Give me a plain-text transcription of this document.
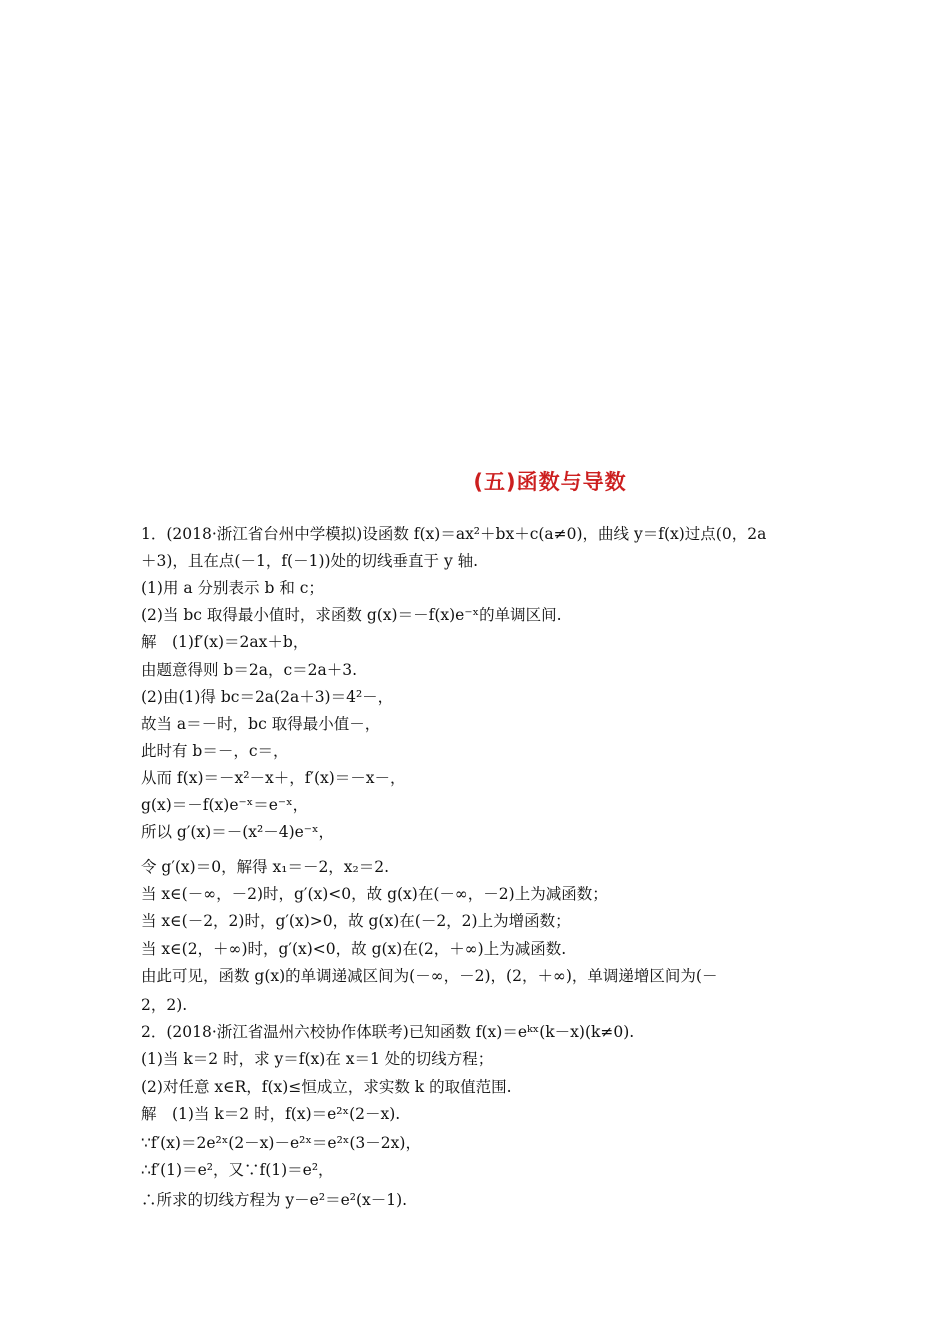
(五)函数与导数
1．(2018·浙江省台州中学模拟)设函数 f(x)＝ax²＋bx＋c(a≠0)，曲线 y＝f(x)过点(0，2a
＋3)，且在点(－1，f(－1))处的切线垂直于 y 轴.
(1)用 a 分别表示 b 和 c；
(2)当 bc 取得最小值时，求函数 g(x)＝－f(x)e⁻ˣ的单调区间.
解　(1)f′(x)＝2ax＋b，
由题意得则 b＝2a，c＝2a＋3.
(2)由(1)得 bc＝2a(2a＋3)＝4²－，
故当 a＝－时，bc 取得最小值－，
此时有 b＝－，c＝，
从而 f(x)＝－x²－x＋，f′(x)＝－x－，
g(x)＝－f(x)e⁻ˣ＝e⁻ˣ，
所以 g′(x)＝－(x²－4)e⁻ˣ，
令 g′(x)＝0，解得 x₁＝－2，x₂＝2.
当 x∈(－∞，－2)时，g′(x)<0，故 g(x)在(－∞，－2)上为减函数；
当 x∈(－2，2)时，g′(x)>0，故 g(x)在(－2，2)上为增函数；
当 x∈(2，＋∞)时，g′(x)<0，故 g(x)在(2，＋∞)上为减函数.
由此可见，函数 g(x)的单调递减区间为(－∞，－2)，(2，＋∞)，单调递增区间为(－
2，2).
2．(2018·浙江省温州六校协作体联考)已知函数 f(x)＝eᵏˣ(k－x)(k≠0).
(1)当 k＝2 时，求 y＝f(x)在 x＝1 处的切线方程；
(2)对任意 x∈R，f(x)≤恒成立，求实数 k 的取值范围.
解　(1)当 k＝2 时，f(x)＝e²ˣ(2－x).
∵f′(x)＝2e²ˣ(2－x)－e²ˣ＝e²ˣ(3－2x)，
∴f′(1)＝e²，又∵f(1)＝e²，
∴所求的切线方程为 y－e²＝e²(x－1).
